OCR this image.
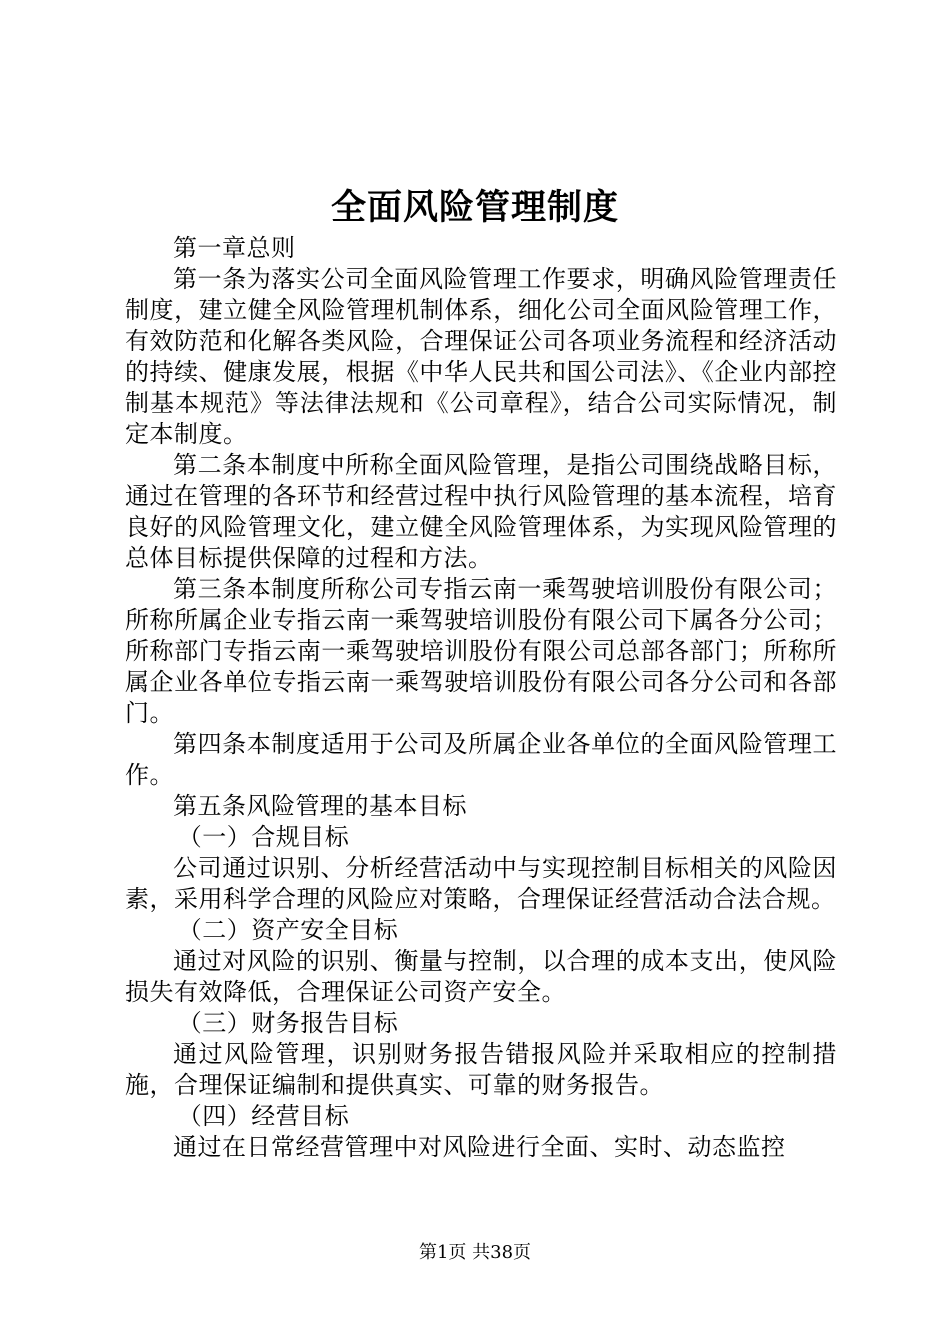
全面风险管理制度

第一章总则

第一条为落实公司全面风险管理工作要求，明确风险管理责任制度，建立健全风险管理机制体系，细化公司全面风险管理工作，有效防范和化解各类风险，合理保证公司各项业务流程和经济活动的持续、健康发展，根据《中华人民共和国公司法》、《企业内部控制基本规范》等法律法规和《公司章程》，结合公司实际情况，制定本制度。

第二条本制度中所称全面风险管理，是指公司围绕战略目标，通过在管理的各环节和经营过程中执行风险管理的基本流程，培育良好的风险管理文化，建立健全风险管理体系，为实现风险管理的总体目标提供保障的过程和方法。

第三条本制度所称公司专指云南一乘驾驶培训股份有限公司；所称所属企业专指云南一乘驾驶培训股份有限公司下属各分公司；所称部门专指云南一乘驾驶培训股份有限公司总部各部门；所称所属企业各单位专指云南一乘驾驶培训股份有限公司各分公司和各部门。

第四条本制度适用于公司及所属企业各单位的全面风险管理工作。

第五条风险管理的基本目标

（一）合规目标

公司通过识别、分析经营活动中与实现控制目标相关的风险因素，采用科学合理的风险应对策略，合理保证经营活动合法合规。

（二）资产安全目标

通过对风险的识别、衡量与控制，以合理的成本支出，使风险损失有效降低，合理保证公司资产安全。

（三）财务报告目标

通过风险管理，识别财务报告错报风险并采取相应的控制措施，合理保证编制和提供真实、可靠的财务报告。

（四）经营目标

通过在日常经营管理中对风险进行全面、实时、动态监控

第1页 共38页
